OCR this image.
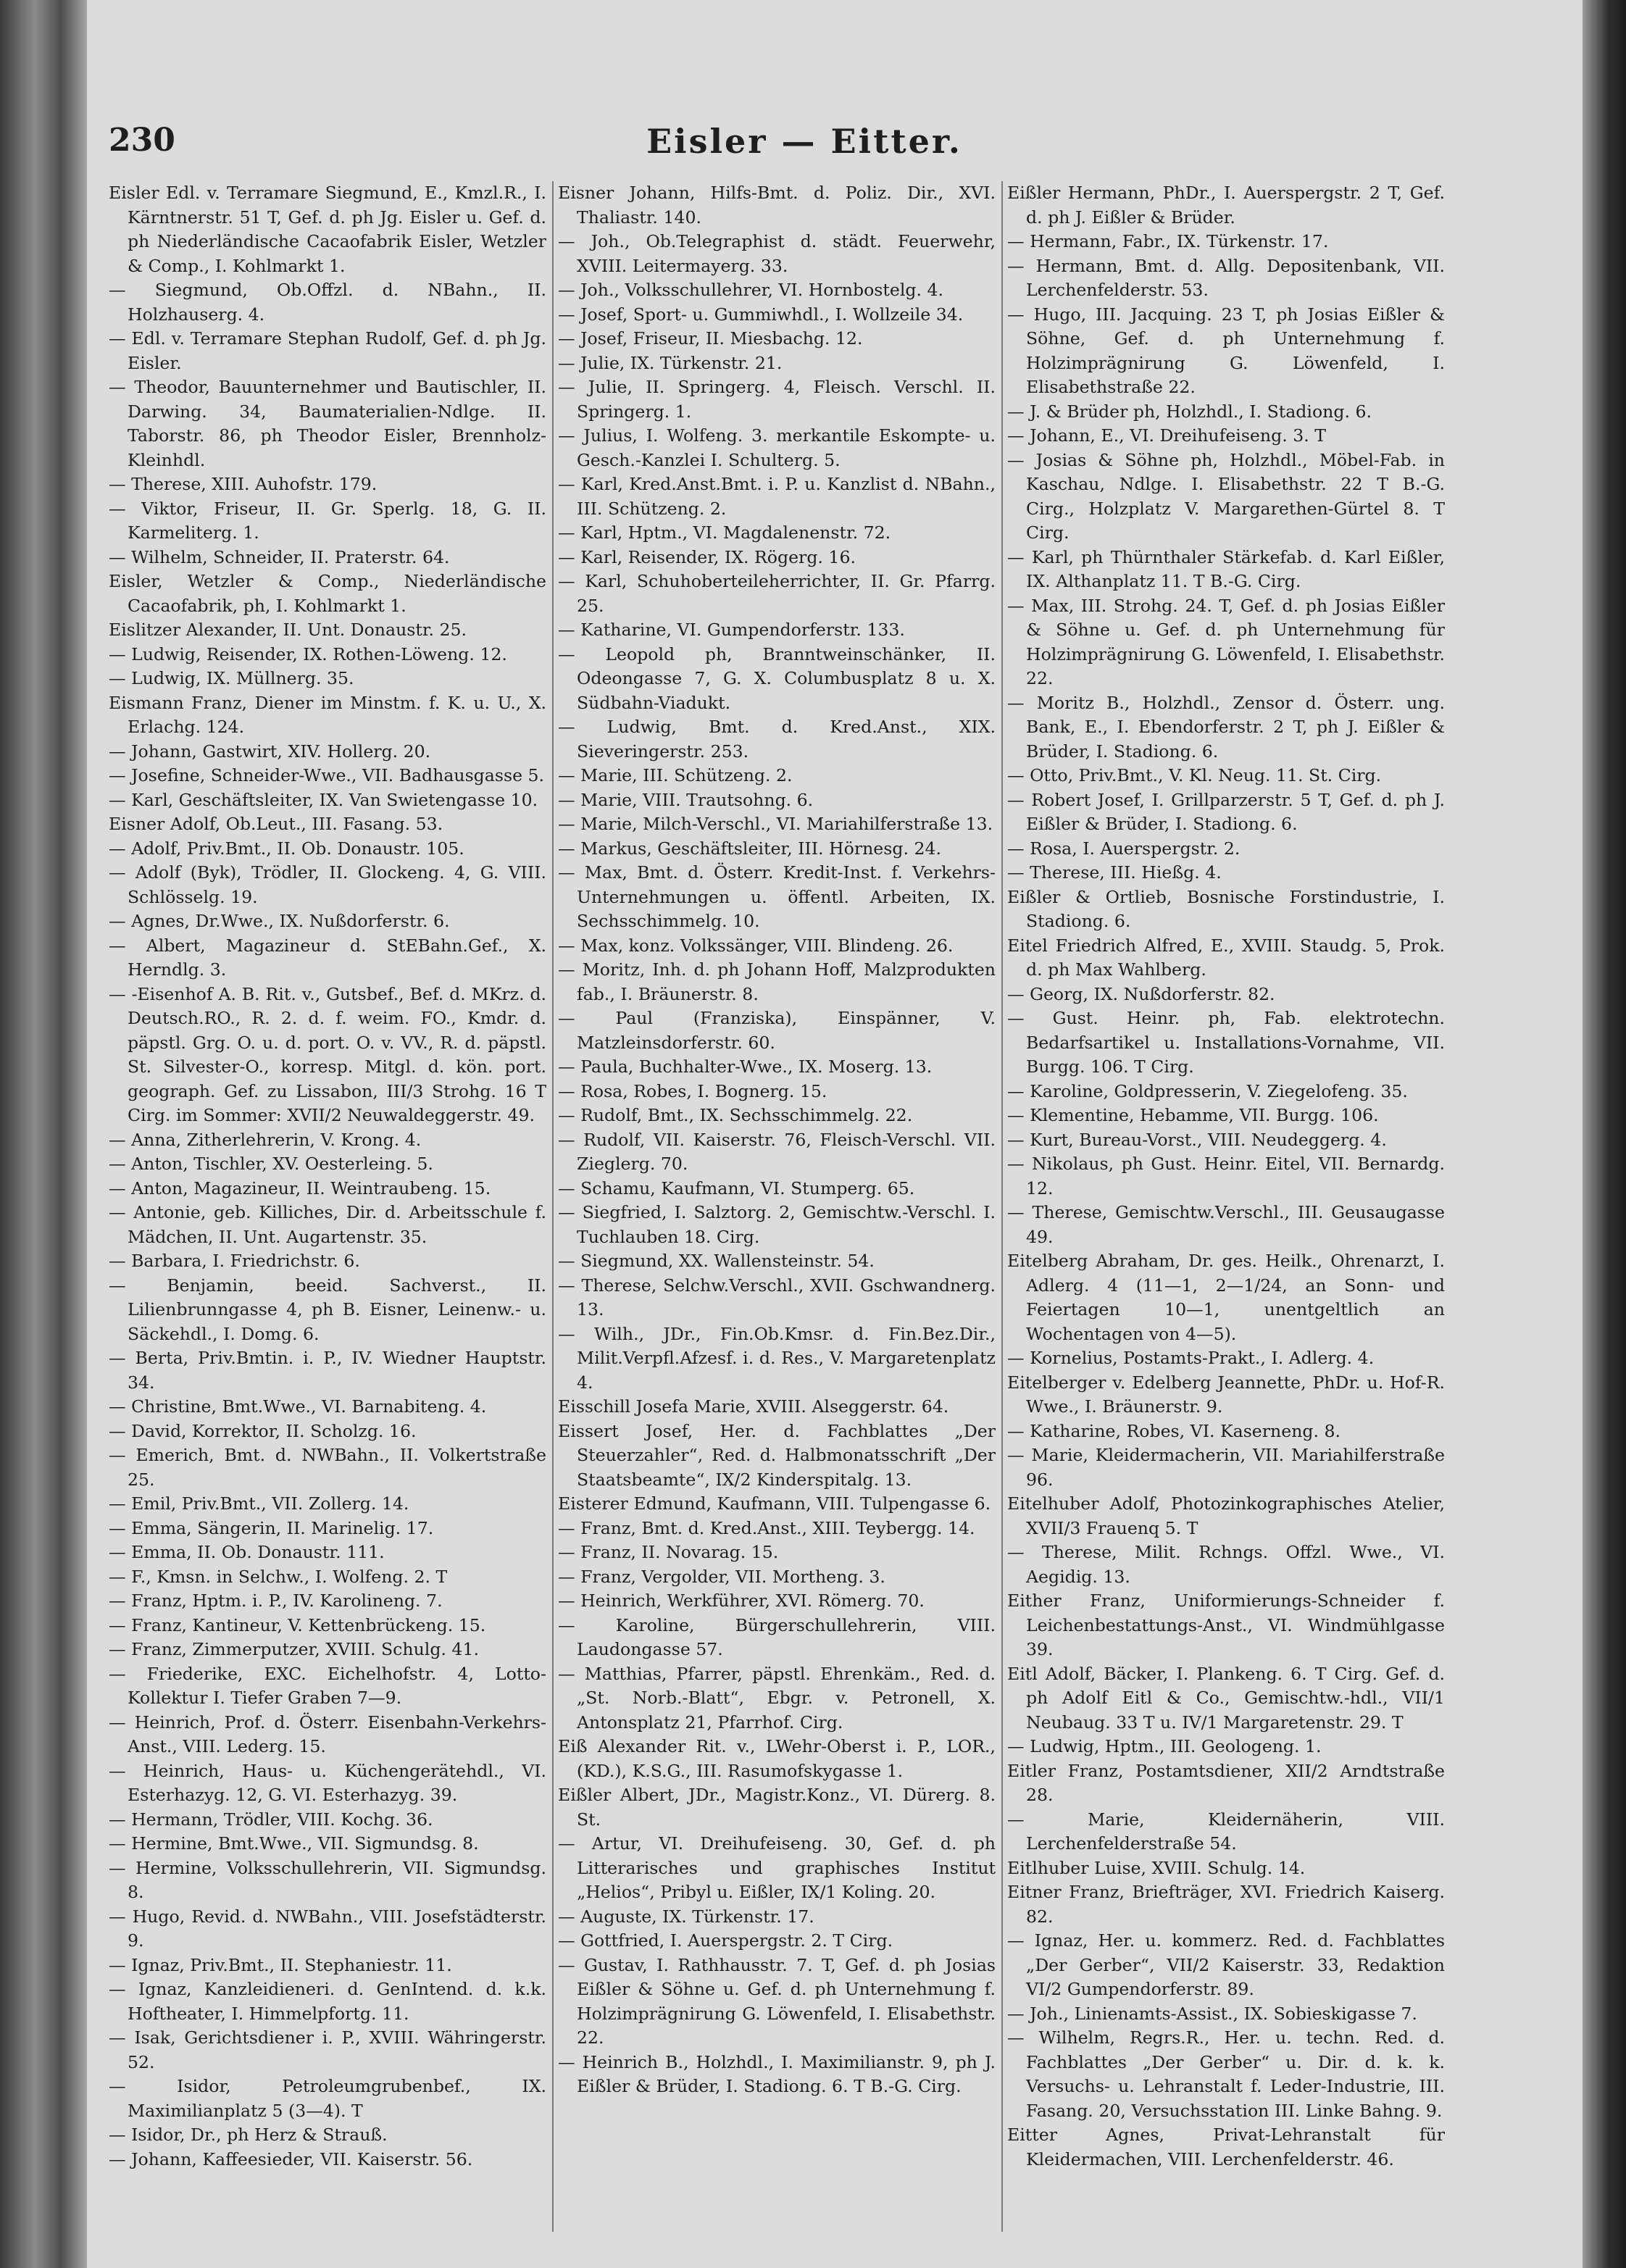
230	Eisler — Eitter.

Eisler Edl. v. Terramare Siegmund, E., Kmzl.R., I. Kärntnerstr. 51 T, Gef. d. ph Jg. Eisler u. Gef. d. ph Niederländische Cacaofabrik Eisler, Wetzler & Comp., I. Kohlmarkt 1.

— Siegmund, Ob.Offzl. d. NBahn., II. Holzhauserg. 4.

— Edl. v. Terramare Stephan Rudolf, Gef. d. ph Jg. Eisler.

— Theodor, Bauunternehmer und Bautischler, II. Darwing. 34, Baumaterialien-Ndlge. II. Taborstr. 86, ph Theodor Eisler, Brennholz-Kleinhdl.

— Therese, XIII. Auhofstr. 179.

— Viktor, Friseur, II. Gr. Sperlg. 18, G. II. Karmeliterg. 1.

— Wilhelm, Schneider, II. Praterstr. 64.

Eisler, Wetzler & Comp., Niederländische Cacaofabrik, ph, I. Kohlmarkt 1.

Eislitzer Alexander, II. Unt. Donaustr. 25.

— Ludwig, Reisender, IX. Rothen-Löweng. 12.

— Ludwig, IX. Müllnerg. 35.

Eismann Franz, Diener im Minstm. f. K. u. U., X. Erlachg. 124.

— Johann, Gastwirt, XIV. Hollerg. 20.

— Josefine, Schneider-Wwe., VII. Badhausgasse 5.

— Karl, Geschäftsleiter, IX. Van Swietengasse 10.

Eisner Adolf, Ob.Leut., III. Fasang. 53.

— Adolf, Priv.Bmt., II. Ob. Donaustr. 105.

— Adolf (Byk), Trödler, II. Glockeng. 4, G. VIII. Schlösselg. 19.

— Agnes, Dr.Wwe., IX. Nußdorferstr. 6.

— Albert, Magazineur d. StEBahn.Gef., X. Herndlg. 3.

— -Eisenhof A. B. Rit. v., Gutsbef., Bef. d. MKrz. d. Deutsch.RO., R. 2. d. f. weim. FO., Kmdr. d. päpstl. Grg. O. u. d. port. O. v. VV., R. d. päpstl. St. Silvester-O., korresp. Mitgl. d. kön. port. geograph. Gef. zu Lissabon, III/3 Strohg. 16 T Cirg. im Sommer: XVII/2 Neuwaldeggerstr. 49.

— Anna, Zitherlehrerin, V. Krong. 4.

— Anton, Tischler, XV. Oesterleing. 5.

— Anton, Magazineur, II. Weintraubeng. 15.

— Antonie, geb. Killiches, Dir. d. Arbeitsschule f. Mädchen, II. Unt. Augartenstr. 35.

— Barbara, I. Friedrichstr. 6.

— Benjamin, beeid. Sachverst., II. Lilienbrunngasse 4, ph B. Eisner, Leinenw.- u. Säckehdl., I. Domg. 6.

— Berta, Priv.Bmtin. i. P., IV. Wiedner Hauptstr. 34.

— Christine, Bmt.Wwe., VI. Barnabiteng. 4.

— David, Korrektor, II. Scholzg. 16.

— Emerich, Bmt. d. NWBahn., II. Volkertstraße 25.

— Emil, Priv.Bmt., VII. Zollerg. 14.

— Emma, Sängerin, II. Marinelig. 17.

— Emma, II. Ob. Donaustr. 111.

— F., Kmsn. in Selchw., I. Wolfeng. 2. T

— Franz, Hptm. i. P., IV. Karolineng. 7.

— Franz, Kantineur, V. Kettenbrückeng. 15.

— Franz, Zimmerputzer, XVIII. Schulg. 41.

— Friederike, EXC. Eichelhofstr. 4, Lotto-Kollektur I. Tiefer Graben 7—9.

— Heinrich, Prof. d. Österr. Eisenbahn-Verkehrs-Anst., VIII. Lederg. 15.

— Heinrich, Haus- u. Küchengerätehdl., VI. Esterhazyg. 12, G. VI. Esterhazyg. 39.

— Hermann, Trödler, VIII. Kochg. 36.

— Hermine, Bmt.Wwe., VII. Sigmundsg. 8.

— Hermine, Volksschullehrerin, VII. Sigmundsg. 8.

— Hugo, Revid. d. NWBahn., VIII. Josefstädterstr. 9.

— Ignaz, Priv.Bmt., II. Stephaniestr. 11.

— Ignaz, Kanzleidieneri. d. GenIntend. d. k.k. Hoftheater, I. Himmelpfortg. 11.

— Isak, Gerichtsdiener i. P., XVIII. Währingerstr. 52.

— Isidor, Petroleumgrubenbef., IX. Maximilianplatz 5 (3—4). T

— Isidor, Dr., ph Herz & Strauß.

— Johann, Kaffeesieder, VII. Kaiserstr. 56.

Eisner Johann, Hilfs-Bmt. d. Poliz. Dir., XVI. Thaliastr. 140.

— Joh., Ob.Telegraphist d. städt. Feuerwehr, XVIII. Leitermayerg. 33.

— Joh., Volksschullehrer, VI. Hornbostelg. 4.

— Josef, Sport- u. Gummiwhdl., I. Wollzeile 34.

— Josef, Friseur, II. Miesbachg. 12.

— Julie, IX. Türkenstr. 21.

— Julie, II. Springerg. 4, Fleisch. Verschl. II. Springerg. 1.

— Julius, I. Wolfeng. 3. merkantile Eskompte- u. Gesch.-Kanzlei I. Schulterg. 5.

— Karl, Kred.Anst.Bmt. i. P. u. Kanzlist d. NBahn., III. Schützeng. 2.

— Karl, Hptm., VI. Magdalenenstr. 72.

— Karl, Reisender, IX. Rögerg. 16.

— Karl, Schuhoberteileherrichter, II. Gr. Pfarrg. 25.

— Katharine, VI. Gumpendorferstr. 133.

— Leopold ph, Branntweinschänker, II. Odeongasse 7, G. X. Columbusplatz 8 u. X. Südbahn-Viadukt.

— Ludwig, Bmt. d. Kred.Anst., XIX. Sieveringerstr. 253.

— Marie, III. Schützeng. 2.

— Marie, VIII. Trautsohng. 6.

— Marie, Milch-Verschl., VI. Mariahilferstraße 13.

— Markus, Geschäftsleiter, III. Hörnesg. 24.

— Max, Bmt. d. Österr. Kredit-Inst. f. Verkehrs-Unternehmungen u. öffentl. Arbeiten, IX. Sechsschimmelg. 10.

— Max, konz. Volkssänger, VIII. Blindeng. 26.

— Moritz, Inh. d. ph Johann Hoff, Malzprodukten fab., I. Bräunerstr. 8.

— Paul (Franziska), Einspänner, V. Matzleinsdorferstr. 60.

— Paula, Buchhalter-Wwe., IX. Moserg. 13.

— Rosa, Robes, I. Bognerg. 15.

— Rudolf, Bmt., IX. Sechsschimmelg. 22.

— Rudolf, VII. Kaiserstr. 76, Fleisch-Verschl. VII. Zieglerg. 70.

— Schamu, Kaufmann, VI. Stumperg. 65.

— Siegfried, I. Salztorg. 2, Gemischtw.-Verschl. I. Tuchlauben 18. Cirg.

— Siegmund, XX. Wallensteinstr. 54.

— Therese, Selchw.Verschl., XVII. Gschwandnerg. 13.

— Wilh., JDr., Fin.Ob.Kmsr. d. Fin.Bez.Dir., Milit.Verpfl.Afzesf. i. d. Res., V. Margaretenplatz 4.

Eisschill Josefa Marie, XVIII. Alseggerstr. 64.

Eissert Josef, Her. d. Fachblattes „Der Steuerzahler“, Red. d. Halbmonatsschrift „Der Staatsbeamte“, IX/2 Kinderspitalg. 13.

Eisterer Edmund, Kaufmann, VIII. Tulpengasse 6.

— Franz, Bmt. d. Kred.Anst., XIII. Teybergg. 14.

— Franz, II. Novarag. 15.

— Franz, Vergolder, VII. Mortheng. 3.

— Heinrich, Werkführer, XVI. Römerg. 70.

— Karoline, Bürgerschullehrerin, VIII. Laudongasse 57.

— Matthias, Pfarrer, päpstl. Ehrenkäm., Red. d. „St. Norb.-Blatt“, Ebgr. v. Petronell, X. Antonsplatz 21, Pfarrhof. Cirg.

Eiß Alexander Rit. v., LWehr-Oberst i. P., LOR., (KD.), K.S.G., III. Rasumofskygasse 1.

Eißler Albert, JDr., Magistr.Konz., VI. Dürerg. 8. St.

— Artur, VI. Dreihufeiseng. 30, Gef. d. ph Litterarisches und graphisches Institut „Helios“, Pribyl u. Eißler, IX/1 Koling. 20.

— Auguste, IX. Türkenstr. 17.

— Gottfried, I. Auerspergstr. 2. T Cirg.

— Gustav, I. Rathhausstr. 7. T, Gef. d. ph Josias Eißler & Söhne u. Gef. d. ph Unternehmung f. Holzimprägnirung G. Löwenfeld, I. Elisabethstr. 22.

— Heinrich B., Holzhdl., I. Maximilianstr. 9, ph J. Eißler & Brüder, I. Stadiong. 6. T B.-G. Cirg.

Eißler Hermann, PhDr., I. Auerspergstr. 2 T, Gef. d. ph J. Eißler & Brüder.

— Hermann, Fabr., IX. Türkenstr. 17.

— Hermann, Bmt. d. Allg. Depositenbank, VII. Lerchenfelderstr. 53.

— Hugo, III. Jacquing. 23 T, ph Josias Eißler & Söhne, Gef. d. ph Unternehmung f. Holzimprägnirung G. Löwenfeld, I. Elisabethstraße 22.

— J. & Brüder ph, Holzhdl., I. Stadiong. 6.

— Johann, E., VI. Dreihufeiseng. 3. T

— Josias & Söhne ph, Holzhdl., Möbel-Fab. in Kaschau, Ndlge. I. Elisabethstr. 22 T B.-G. Cirg., Holzplatz V. Margarethen-Gürtel 8. T Cirg.

— Karl, ph Thürnthaler Stärkefab. d. Karl Eißler, IX. Althanplatz 11. T B.-G. Cirg.

— Max, III. Strohg. 24. T, Gef. d. ph Josias Eißler & Söhne u. Gef. d. ph Unternehmung für Holzimprägnirung G. Löwenfeld, I. Elisabethstr. 22.

— Moritz B., Holzhdl., Zensor d. Österr. ung. Bank, E., I. Ebendorferstr. 2 T, ph J. Eißler & Brüder, I. Stadiong. 6.

— Otto, Priv.Bmt., V. Kl. Neug. 11. St. Cirg.

— Robert Josef, I. Grillparzerstr. 5 T, Gef. d. ph J. Eißler & Brüder, I. Stadiong. 6.

— Rosa, I. Auerspergstr. 2.

— Therese, III. Hießg. 4.

Eißler & Ortlieb, Bosnische Forstindustrie, I. Stadiong. 6.

Eitel Friedrich Alfred, E., XVIII. Staudg. 5, Prok. d. ph Max Wahlberg.

— Georg, IX. Nußdorferstr. 82.

— Gust. Heinr. ph, Fab. elektrotechn. Bedarfsartikel u. Installations-Vornahme, VII. Burgg. 106. T Cirg.

— Karoline, Goldpresserin, V. Ziegelofeng. 35.

— Klementine, Hebamme, VII. Burgg. 106.

— Kurt, Bureau-Vorst., VIII. Neudeggerg. 4.

— Nikolaus, ph Gust. Heinr. Eitel, VII. Bernardg. 12.

— Therese, Gemischtw.Verschl., III. Geusaugasse 49.

Eitelberg Abraham, Dr. ges. Heilk., Ohrenarzt, I. Adlerg. 4 (11—1, 2—1/24, an Sonn- und Feiertagen 10—1, unentgeltlich an Wochentagen von 4—5).

— Kornelius, Postamts-Prakt., I. Adlerg. 4.

Eitelberger v. Edelberg Jeannette, PhDr. u. Hof-R. Wwe., I. Bräunerstr. 9.

— Katharine, Robes, VI. Kaserneng. 8.

— Marie, Kleidermacherin, VII. Mariahilferstraße 96.

Eitelhuber Adolf, Photozinkographisches Atelier, XVII/3 Frauenq 5. T

— Therese, Milit. Rchngs. Offzl. Wwe., VI. Aegidig. 13.

Either Franz, Uniformierungs-Schneider f. Leichenbestattungs-Anst., VI. Windmühlgasse 39.

Eitl Adolf, Bäcker, I. Plankeng. 6. T Cirg. Gef. d. ph Adolf Eitl & Co., Gemischtw.-hdl., VII/1 Neubaug. 33 T u. IV/1 Margaretenstr. 29. T

— Ludwig, Hptm., III. Geologeng. 1.

Eitler Franz, Postamtsdiener, XII/2 Arndtstraße 28.

— Marie, Kleidernäherin, VIII. Lerchenfelderstraße 54.

Eitlhuber Luise, XVIII. Schulg. 14.

Eitner Franz, Briefträger, XVI. Friedrich Kaiserg. 82.

— Ignaz, Her. u. kommerz. Red. d. Fachblattes „Der Gerber“, VII/2 Kaiserstr. 33, Redaktion VI/2 Gumpendorferstr. 89.

— Joh., Linienamts-Assist., IX. Sobieskigasse 7.

— Wilhelm, Regrs.R., Her. u. techn. Red. d. Fachblattes „Der Gerber“ u. Dir. d. k. k. Versuchs- u. Lehranstalt f. Leder-Industrie, III. Fasang. 20, Versuchsstation III. Linke Bahng. 9.

Eitter Agnes, Privat-Lehranstalt für Kleidermachen, VIII. Lerchenfelderstr. 46.
